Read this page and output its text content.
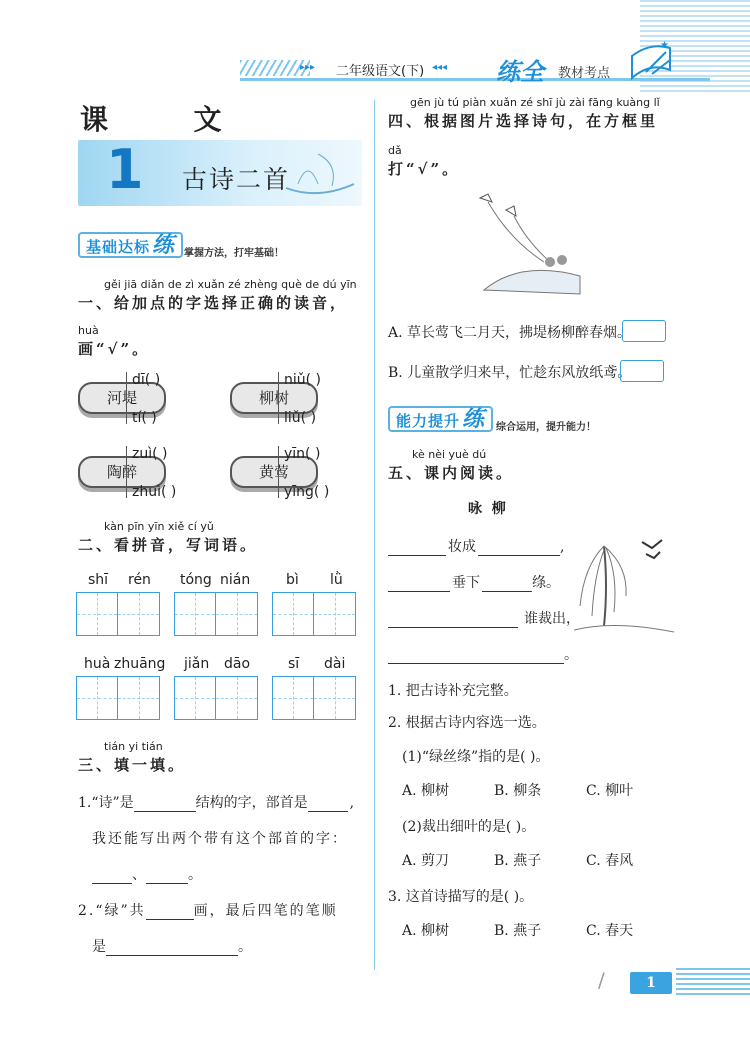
▸▸▸ 二年级语文(下) ◂◂◂ 练全 教材考点
★
课  文
1 古诗二首
基础达标练 掌握方法，打牢基础！
gěi jiā diǎn de zì xuǎn zé zhèng què de dú yīn
一、给加点的字选择正确的读音，
huà
画“√”。
河堤
dī( )
tí( )
柳树
niǔ( )
liǔ( )
陶醉
zuì( )
zhuì( )
黄莺
yīn( )
yīng( )
kàn pīn yīn xiě cí yǔ
二、看拼音，写词语。
shī rén tóng nián	bì lǜ
huà zhuāng jiǎn dāo	sī dài
tián yi tián
三、填一填。
1.“诗”是	结构的字，部首是	,
我还能写出两个带有这个部首的字：
、	。
2.“绿”共	画，最后四笔的笔顺
是	。
gēn jù tú piàn xuǎn zé shī jù zài fāng kuàng lǐ
四、根据图片选择诗句，在方框里
dǎ
打“√”。
A. 草长莺飞二月天，拂堤杨柳醉春烟。
B. 儿童散学归来早，忙趁东风放纸鸢。
能力提升练	综合运用，提升能力！
kè nèi yuè dú
五、课内阅读。
咏  柳
妆成	,
垂下	绦。
谁裁出，
。
1. 把古诗补充完整。
2. 根据古诗内容选一选。
(1)“绿丝绦”指的是( )。
A. 柳树	B. 柳条	C. 柳叶
(2)裁出细叶的是( )。
A. 剪刀	B. 燕子	C. 春风
3. 这首诗描写的是( )。
A. 柳树	B. 燕子	C. 春天
/	1
